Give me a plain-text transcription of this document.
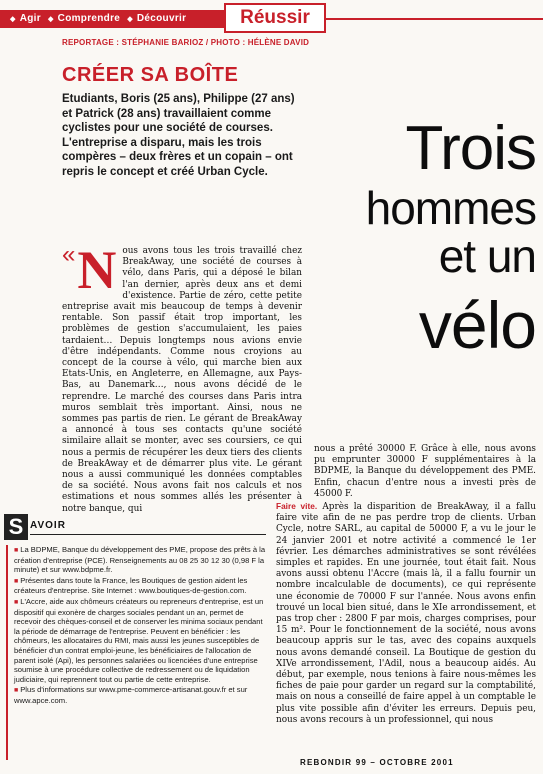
◆ Agir ◆ Comprendre ◆ Découvrir	Réussir
REPORTAGE : STÉPHANIE BARIOZ / PHOTO : HÉLÈNE DAVID
CRÉER SA BOÎTE
Etudiants, Boris (25 ans), Philippe (27 ans) et Patrick (28 ans) travaillaient comme cyclistes pour une société de courses. L'entreprise a disparu, mais les trois compères – deux frères et un copain – ont repris le concept et créé Urban Cycle.	Trois
hommes
et un
vélo
« N ous avons tous les trois travaillé chez BreakAway, une société de courses à vélo, dans Paris, qui a déposé le bilan l'an dernier, après deux ans et demi d'existence. Partie de zéro, cette petite entreprise avait mis beaucoup de temps à devenir rentable. Son passif était trop important, les problèmes de gestion s'accumulaient, les paies tardaient… Depuis longtemps nous avions envie d'être indépendants. Comme nous croyions au concept de la course à vélo, qui marche bien aux Etats-Unis, en Angleterre, en Allemagne, aux Pays-Bas, au Danemark…, nous avons décidé de le reprendre. Le marché des courses dans Paris intra muros semblait très important. Ainsi, nous ne sommes pas partis de rien. Le gérant de BreakAway a annoncé à tous ses contacts qu'une société similaire allait se monter, avec ses coursiers, ce qui nous a permis de récupérer les deux tiers des clients de BreakAway et de démarrer plus vite. Le gérant nous a aussi communiqué les données comptables de sa société. Nous avons fait nos calculs et nos estimations et nous sommes allés les présenter à notre banque, qui
nous a prêté 30000 F. Grâce à elle, nous avons pu emprunter 30000 F supplémentaires à la BDPME, la Banque du développement des PME. Enfin, chacun d'entre nous a investi près de 45000 F.
Faire vite. Après la disparition de BreakAway, il a fallu faire vite afin de ne pas perdre trop de clients. Urban Cycle, notre SARL, au capital de 50000 F, a vu le jour le 24 janvier 2001 et notre activité a commencé le 1er février. Les démarches administratives se sont révélées simples et rapides. En une journée, tout était fait. Nous avons aussi obtenu l'Accre (mais là, il a fallu fournir un nombre incalculable de documents), ce qui représente une économie de 70000 F sur l'année. Nous avons enfin trouvé un local bien situé, dans le XIe arrondissement, et pas trop cher : 2800 F par mois, charges comprises, pour 15 m². Pour le fonctionnement de la société, nous avons beaucoup appris sur le tas, avec des copains auxquels nous avons demandé conseil. La Boutique de gestion du XIVe arrondissement, l'Adil, nous a beaucoup aidés. Au début, par exemple, nous tenions à faire nous-mêmes les fiches de paie pour garder un regard sur la comptabilité, mais on nous a conseillé de faire appel à un comptable le plus vite possible afin d'éviter les erreurs. Depuis peu, nous avons recours à un professionnel, qui nous
S AVOIR

■ La BDPME, Banque du développement des PME, propose des prêts à la création d'entreprise (PCE). Renseignements au 08 25 30 12 30 (0,98 F la minute) et sur www.bdpme.fr.

■ Présentes dans toute la France, les Boutiques de gestion aident les créateurs d'entreprise. Site Internet : www.boutiques-de-gestion.com.

■ L'Accre, aide aux chômeurs créateurs ou repreneurs d'entreprise, est un dispositif qui exonère de charges sociales pendant un an, permet de recevoir des chèques-conseil et de conserver les minima sociaux pendant la période de démarrage de l'entreprise. Peuvent en bénéficier : les chômeurs, les allocataires du RMI, mais aussi les jeunes susceptibles de bénéficier d'un contrat emploi-jeune, les bénéficiaires de l'allocation de parent isolé (Api), les personnes salariées ou licenciées d'une entreprise soumise à une procédure collective de redressement ou de liquidation judiciaire, qui reprennent tout ou partie de cette entreprise.

■ Plus d'informations sur www.pme-commerce-artisanat.gouv.fr et sur www.apce.com.

REBONDIR 99 – OCTOBRE 2001
